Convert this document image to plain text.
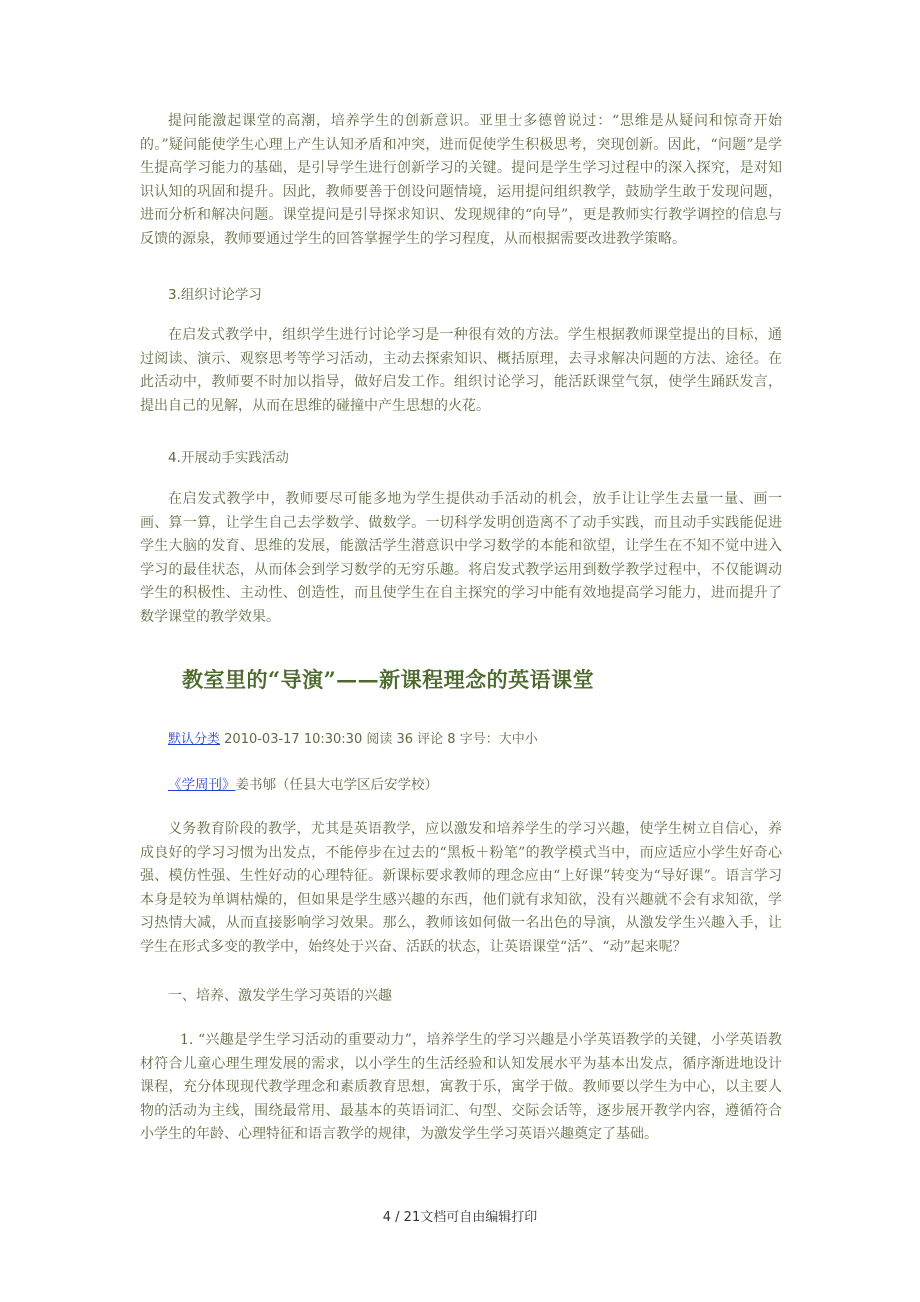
提问能激起课堂的高潮，培养学生的创新意识。亚里士多德曾说过：“思维是从疑问和惊奇开始的。”疑问能使学生心理上产生认知矛盾和冲突，进而促使学生积极思考，突现创新。因此，“问题”是学生提高学习能力的基础，是引导学生进行创新学习的关键。提问是学生学习过程中的深入探究，是对知识认知的巩固和提升。因此，教师要善于创设问题情境，运用提问组织教学，鼓励学生敢于发现问题，进而分析和解决问题。课堂提问是引导探求知识、发现规律的“向导”，更是教师实行教学调控的信息与反馈的源泉，教师要通过学生的回答掌握学生的学习程度，从而根据需要改进教学策略。

3.组织讨论学习

在启发式教学中，组织学生进行讨论学习是一种很有效的方法。学生根据教师课堂提出的目标，通过阅读、演示、观察思考等学习活动，主动去探索知识、概括原理，去寻求解决问题的方法、途径。在此活动中，教师要不时加以指导，做好启发工作。组织讨论学习，能活跃课堂气氛，使学生踊跃发言，提出自己的见解，从而在思维的碰撞中产生思想的火花。

4.开展动手实践活动

在启发式教学中，教师要尽可能多地为学生提供动手活动的机会，放手让让学生去量一量、画一画、算一算，让学生自己去学数学、做数学。一切科学发明创造离不了动手实践，而且动手实践能促进学生大脑的发育、思维的发展，能激活学生潜意识中学习数学的本能和欲望，让学生在不知不觉中进入学习的最佳状态，从而体会到学习数学的无穷乐趣。将启发式教学运用到数学教学过程中，不仅能调动学生的积极性、主动性、创造性，而且使学生在自主探究的学习中能有效地提高学习能力，进而提升了数学课堂的教学效果。

教室里的“导演”——新课程理念的英语课堂
默认分类 2010-03-17 10:30:30 阅读 36 评论 8 字号：大中小
《学周刊》姜书郇（任县大屯学区后安学校）

义务教育阶段的教学，尤其是英语教学，应以激发和培养学生的学习兴趣，使学生树立自信心，养成良好的学习习惯为出发点，不能停步在过去的“黑板＋粉笔”的教学模式当中，而应适应小学生好奇心强、模仿性强、生性好动的心理特征。新课标要求教师的理念应由“上好课”转变为“导好课”。语言学习本身是较为单调枯燥的，但如果是学生感兴趣的东西，他们就有求知欲，没有兴趣就不会有求知欲，学习热情大减，从而直接影响学习效果。那么，教师该如何做一名出色的导演，从激发学生兴趣入手，让学生在形式多变的教学中，始终处于兴奋、活跃的状态，让英语课堂“活”、“动”起来呢？

一、培养、激发学生学习英语的兴趣

1. “兴趣是学生学习活动的重要动力”，培养学生的学习兴趣是小学英语教学的关键，小学英语教材符合儿童心理生理发展的需求，以小学生的生活经验和认知发展水平为基本出发点，循序渐进地设计课程，充分体现现代教学理念和素质教育思想，寓教于乐，寓学于做。教师要以学生为中心，以主要人物的活动为主线，围绕最常用、最基本的英语词汇、句型、交际会话等，逐步展开教学内容，遵循符合小学生的年龄、心理特征和语言教学的规律，为激发学生学习英语兴趣奠定了基础。

4 / 21文档可自由编辑打印
